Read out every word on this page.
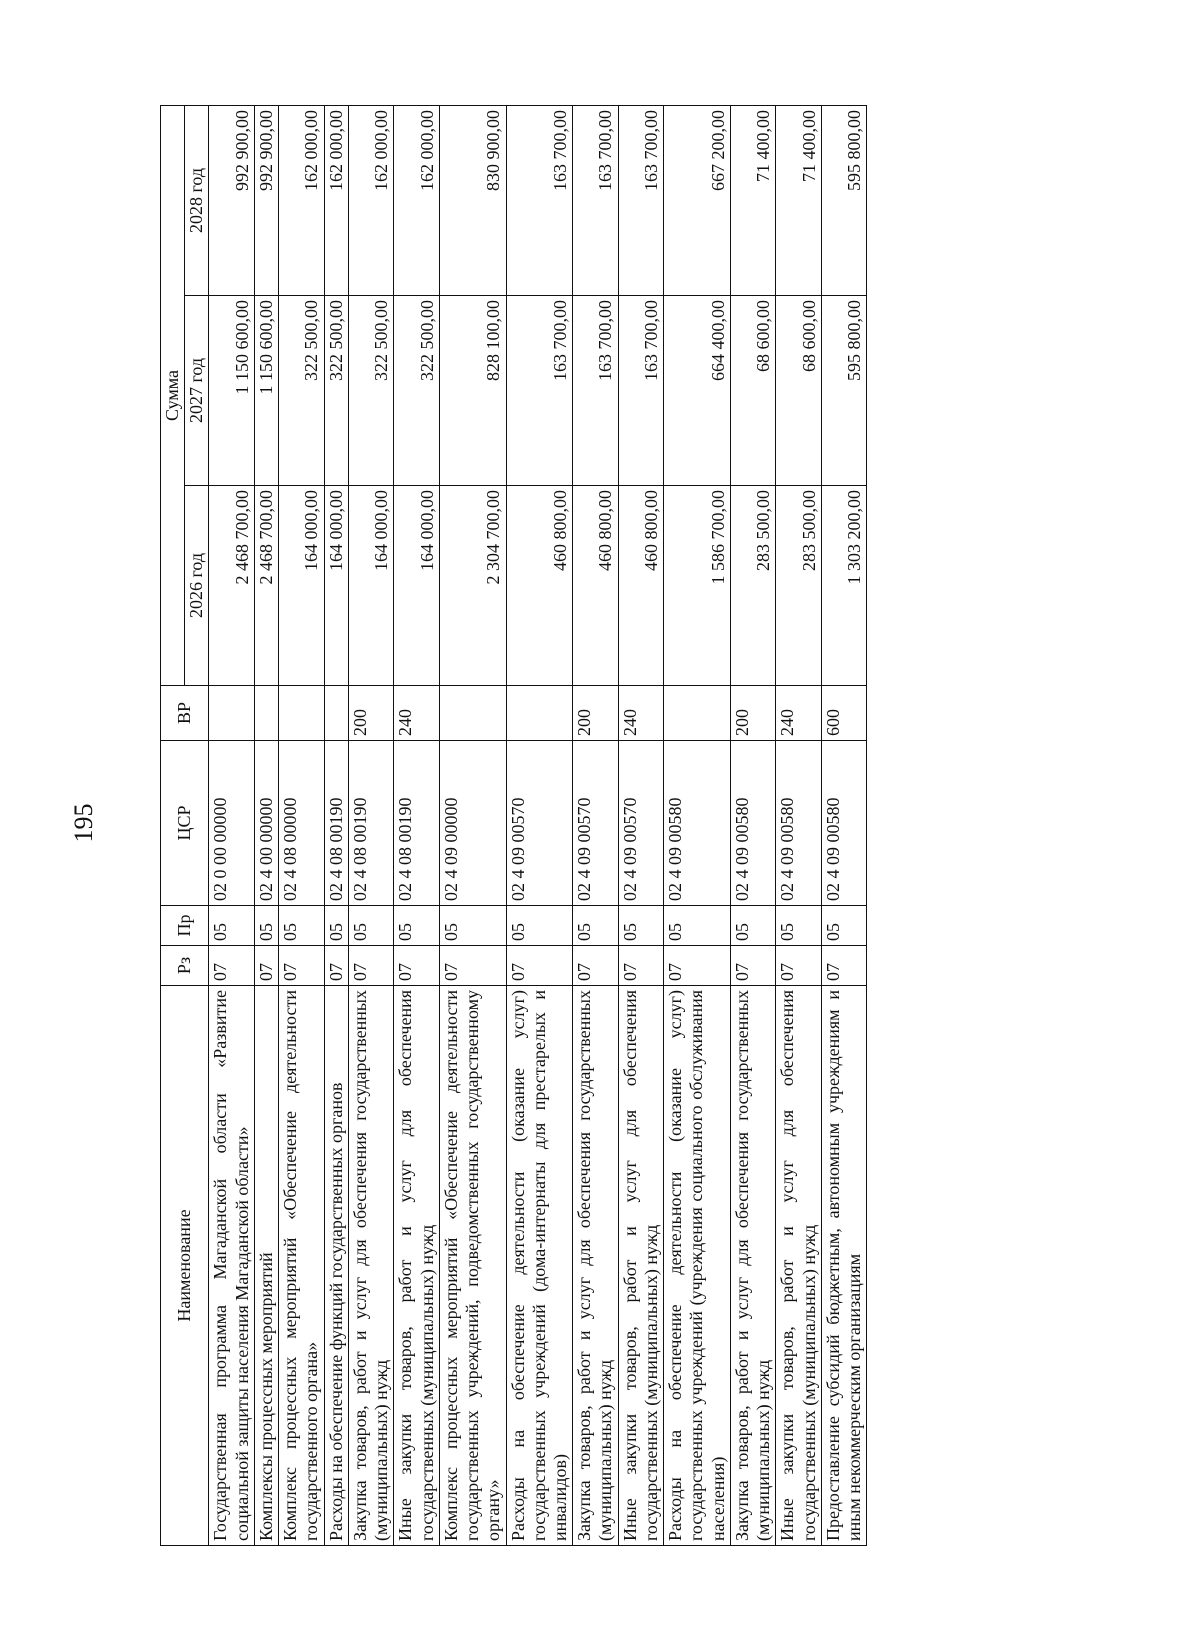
195
Наименование	Рз	Пр	ЦСР	ВР	Сумма		
					2026 год	2027 год	2028 год
Государственная программа Магаданской области «Развитие социальной защиты населения Магаданской области»	07	05	02 0 00 00000		2 468 700,00	1 150 600,00	992 900,00
Комплексы процессных мероприятий	07	05	02 4 00 00000		2 468 700,00	1 150 600,00	992 900,00
Комплекс процессных мероприятий «Обеспечение деятельности государственного органа»	07	05	02 4 08 00000		164 000,00	322 500,00	162 000,00
Расходы на обеспечение функций государственных органов	07	05	02 4 08 00190		164 000,00	322 500,00	162 000,00
Закупка товаров, работ и услуг для обеспечения государственных (муниципальных) нужд	07	05	02 4 08 00190	200	164 000,00	322 500,00	162 000,00
Иные закупки товаров, работ и услуг для обеспечения государственных (муниципальных) нужд	07	05	02 4 08 00190	240	164 000,00	322 500,00	162 000,00
Комплекс процессных мероприятий «Обеспечение деятельности государственных учреждений, подведомственных государственному органу»	07	05	02 4 09 00000		2 304 700,00	828 100,00	830 900,00
Расходы на обеспечение деятельности (оказание услуг) государственных учреждений (дома-интернаты для престарелых и инвалидов)	07	05	02 4 09 00570		460 800,00	163 700,00	163 700,00
Закупка товаров, работ и услуг для обеспечения государственных (муниципальных) нужд	07	05	02 4 09 00570	200	460 800,00	163 700,00	163 700,00
Иные закупки товаров, работ и услуг для обеспечения государственных (муниципальных) нужд	07	05	02 4 09 00570	240	460 800,00	163 700,00	163 700,00
Расходы на обеспечение деятельности (оказание услуг) государственных учреждений (учреждения социального обслуживания населения)	07	05	02 4 09 00580		1 586 700,00	664 400,00	667 200,00
Закупка товаров, работ и услуг для обеспечения государственных (муниципальных) нужд	07	05	02 4 09 00580	200	283 500,00	68 600,00	71 400,00
Иные закупки товаров, работ и услуг для обеспечения государственных (муниципальных) нужд	07	05	02 4 09 00580	240	283 500,00	68 600,00	71 400,00
Предоставление субсидий бюджетным, автономным учреждениям и иным некоммерческим организациям	07	05	02 4 09 00580	600	1 303 200,00	595 800,00	595 800,00
